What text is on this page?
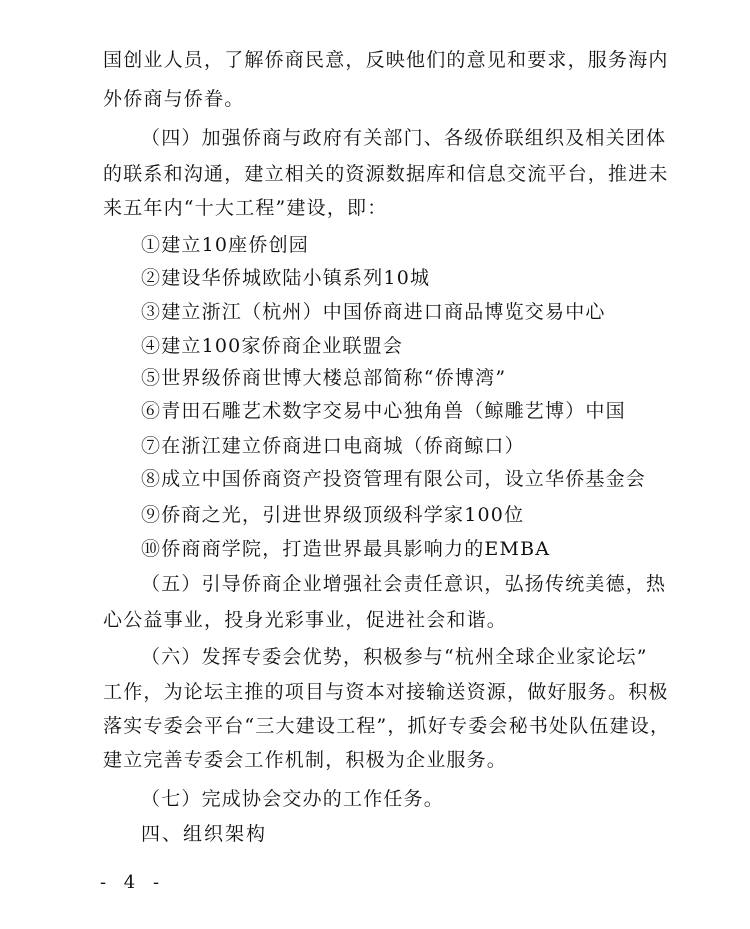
国创业人员，了解侨商民意，反映他们的意见和要求，服务海内
外侨商与侨眷。
（四）加强侨商与政府有关部门、各级侨联组织及相关团体
的联系和沟通，建立相关的资源数据库和信息交流平台，推进未
来五年内“十大工程”建设，即：
①建立10座侨创园
②建设华侨城欧陆小镇系列10城
③建立浙江（杭州）中国侨商进口商品博览交易中心
④建立100家侨商企业联盟会
⑤世界级侨商世博大楼总部简称“侨博湾”
⑥青田石雕艺术数字交易中心独角兽（鲸雕艺博）中国
⑦在浙江建立侨商进口电商城（侨商鲸口）
⑧成立中国侨商资产投资管理有限公司，设立华侨基金会
⑨侨商之光，引进世界级顶级科学家100位
⑩侨商商学院，打造世界最具影响力的EMBA
（五）引导侨商企业增强社会责任意识，弘扬传统美德，热
心公益事业，投身光彩事业，促进社会和谐。
（六）发挥专委会优势，积极参与“杭州全球企业家论坛”
工作，为论坛主推的项目与资本对接输送资源，做好服务。积极
落实专委会平台“三大建设工程”，抓好专委会秘书处队伍建设，
建立完善专委会工作机制，积极为企业服务。
（七）完成协会交办的工作任务。
四、组织架构
- 4 -
